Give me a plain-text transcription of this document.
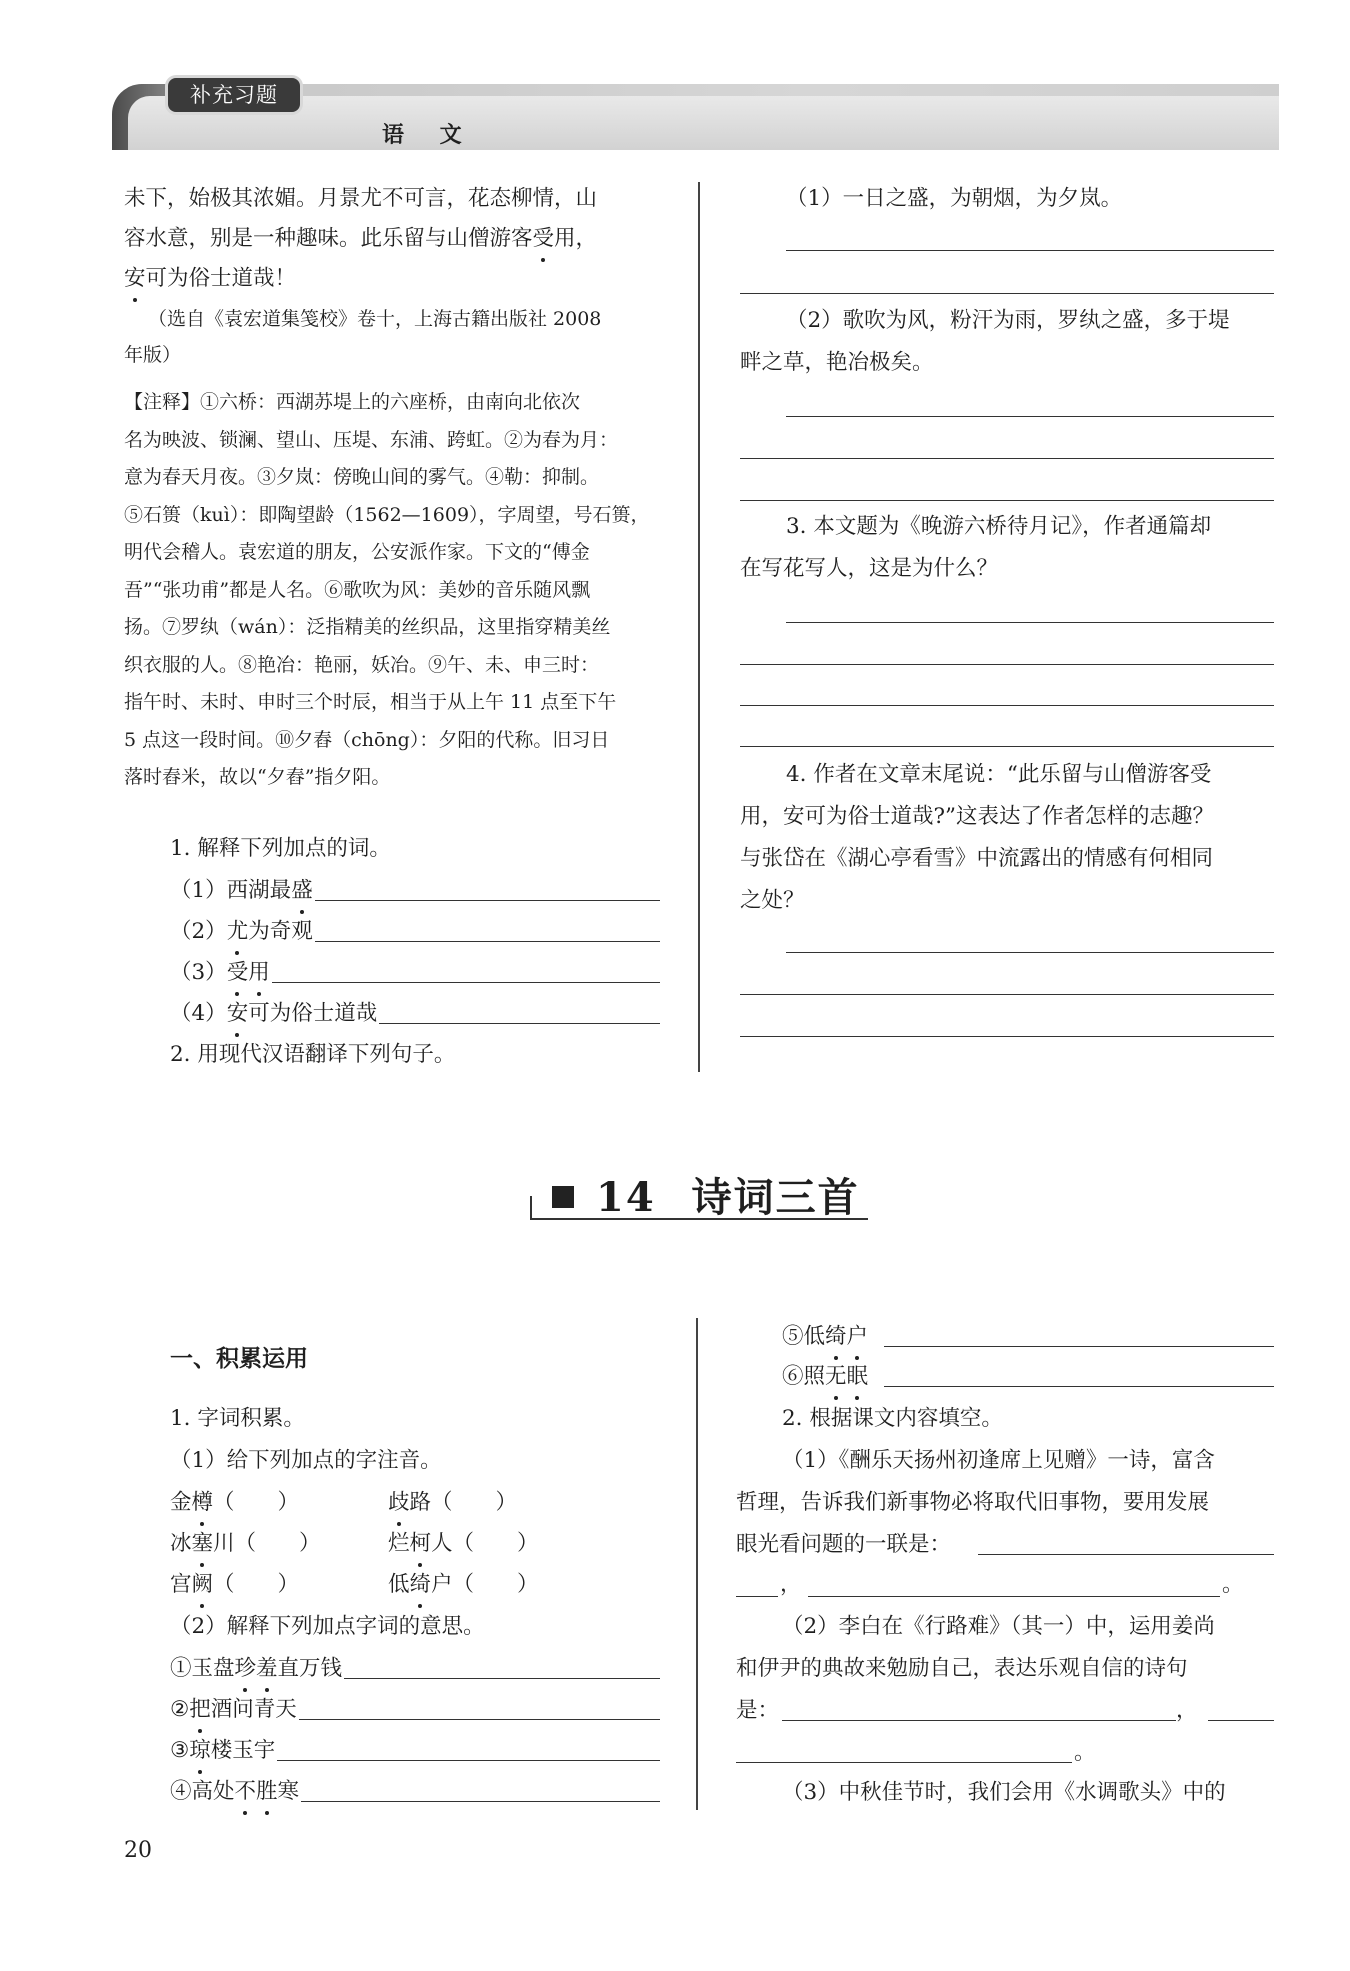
补充习题
语 文
未下，始极其浓媚。月景尤不可言，花态柳情，山
容水意，别是一种趣味。此乐留与山僧游客受用，
安可为俗士道哉！
（选自《袁宏道集笺校》卷十，上海古籍出版社 2008
年版）
【注释】①六桥：西湖苏堤上的六座桥，由南向北依次
名为映波、锁澜、望山、压堤、东浦、跨虹。②为春为月：
意为春天月夜。③夕岚：傍晚山间的雾气。④勒：抑制。
⑤石篑（kuì）：即陶望龄（1562—1609），字周望，号石篑，
明代会稽人。袁宏道的朋友，公安派作家。下文的“傅金
吾”“张功甫”都是人名。⑥歌吹为风：美妙的音乐随风飘
扬。⑦罗纨（wán）：泛指精美的丝织品，这里指穿精美丝
织衣服的人。⑧艳冶：艳丽，妖冶。⑨午、未、申三时：
指午时、未时、申时三个时辰，相当于从上午 11 点至下午
5 点这一段时间。⑩夕舂（chōng）：夕阳的代称。旧习日
落时舂米，故以“夕舂”指夕阳。
1. 解释下列加点的词。
（1）西湖最盛
（2）尤为奇观
（3）受用
（4）安可为俗士道哉
2. 用现代汉语翻译下列句子。
（1）一日之盛，为朝烟，为夕岚。
（2）歌吹为风，粉汗为雨，罗纨之盛，多于堤
畔之草，艳冶极矣。
3. 本文题为《晚游六桥待月记》，作者通篇却
在写花写人，这是为什么？
4. 作者在文章末尾说：“此乐留与山僧游客受
用，安可为俗士道哉?”这表达了作者怎样的志趣？
与张岱在《湖心亭看雪》中流露出的情感有何相同
之处？
14 诗词三首
一、积累运用
1. 字词积累。
（1）给下列加点的字注音。
金樽（　　）	歧路（　　）
冰塞川（　　）	烂柯人（　　）
宫阙（　　）	低绮户（　　）
（2）解释下列加点字词的意思。
①玉盘珍羞直万钱
②把酒问青天
③琼楼玉宇
④高处不胜寒
⑤低绮户
⑥照无眠
2. 根据课文内容填空。
（1）《酬乐天扬州初逢席上见赠》一诗，富含
哲理，告诉我们新事物必将取代旧事物，要用发展
眼光看问题的一联是：
，	。
（2）李白在《行路难》（其一）中，运用姜尚
和伊尹的典故来勉励自己，表达乐观自信的诗句
是：	，
。
（3）中秋佳节时，我们会用《水调歌头》中的
20
